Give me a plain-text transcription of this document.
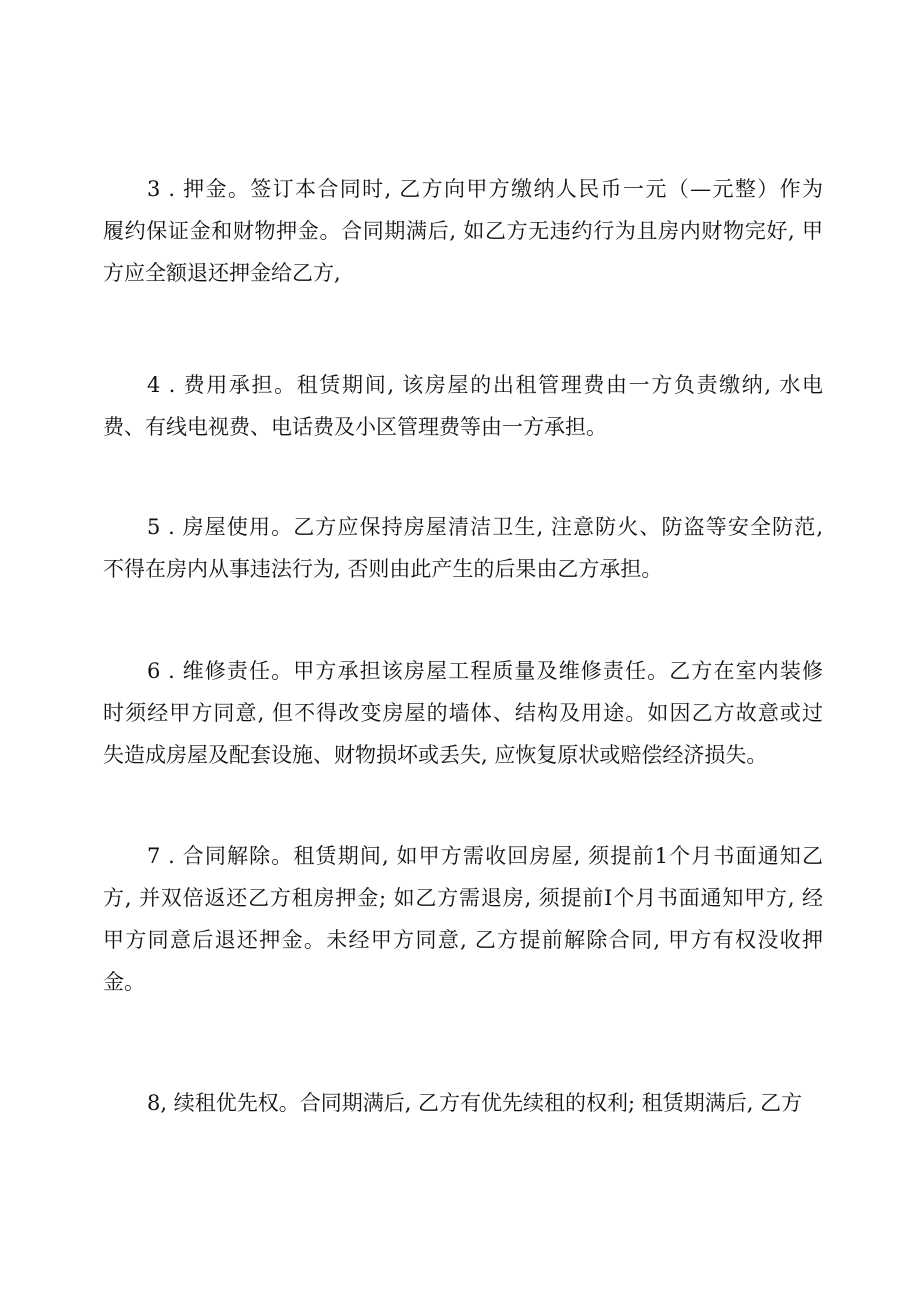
3 . 押金。签订本合同时, 乙方向甲方缴纳人民币一元（—元整）作为
履约保证金和财物押金。合同期满后, 如乙方无违约行为且房内财物完好, 甲
方应全额退还押金给乙方,

4 . 费用承担。租赁期间, 该房屋的出租管理费由一方负责缴纳, 水电
费、有线电视费、电话费及小区管理费等由一方承担。

5 . 房屋使用。乙方应保持房屋清洁卫生, 注意防火、防盗等安全防范,
不得在房内从事违法行为, 否则由此产生的后果由乙方承担。

6 . 维修责任。甲方承担该房屋工程质量及维修责任。乙方在室内装修
时须经甲方同意, 但不得改变房屋的墙体、结构及用途。如因乙方故意或过
失造成房屋及配套设施、财物损坏或丢失, 应恢复原状或赔偿经济损失。

7 . 合同解除。租赁期间, 如甲方需收回房屋, 须提前1个月书面通知乙
方, 并双倍返还乙方租房押金; 如乙方需退房, 须提前I个月书面通知甲方, 经
甲方同意后退还押金。未经甲方同意, 乙方提前解除合同, 甲方有权没收押
金。

8, 续租优先权。合同期满后, 乙方有优先续租的权利; 租赁期满后, 乙方
